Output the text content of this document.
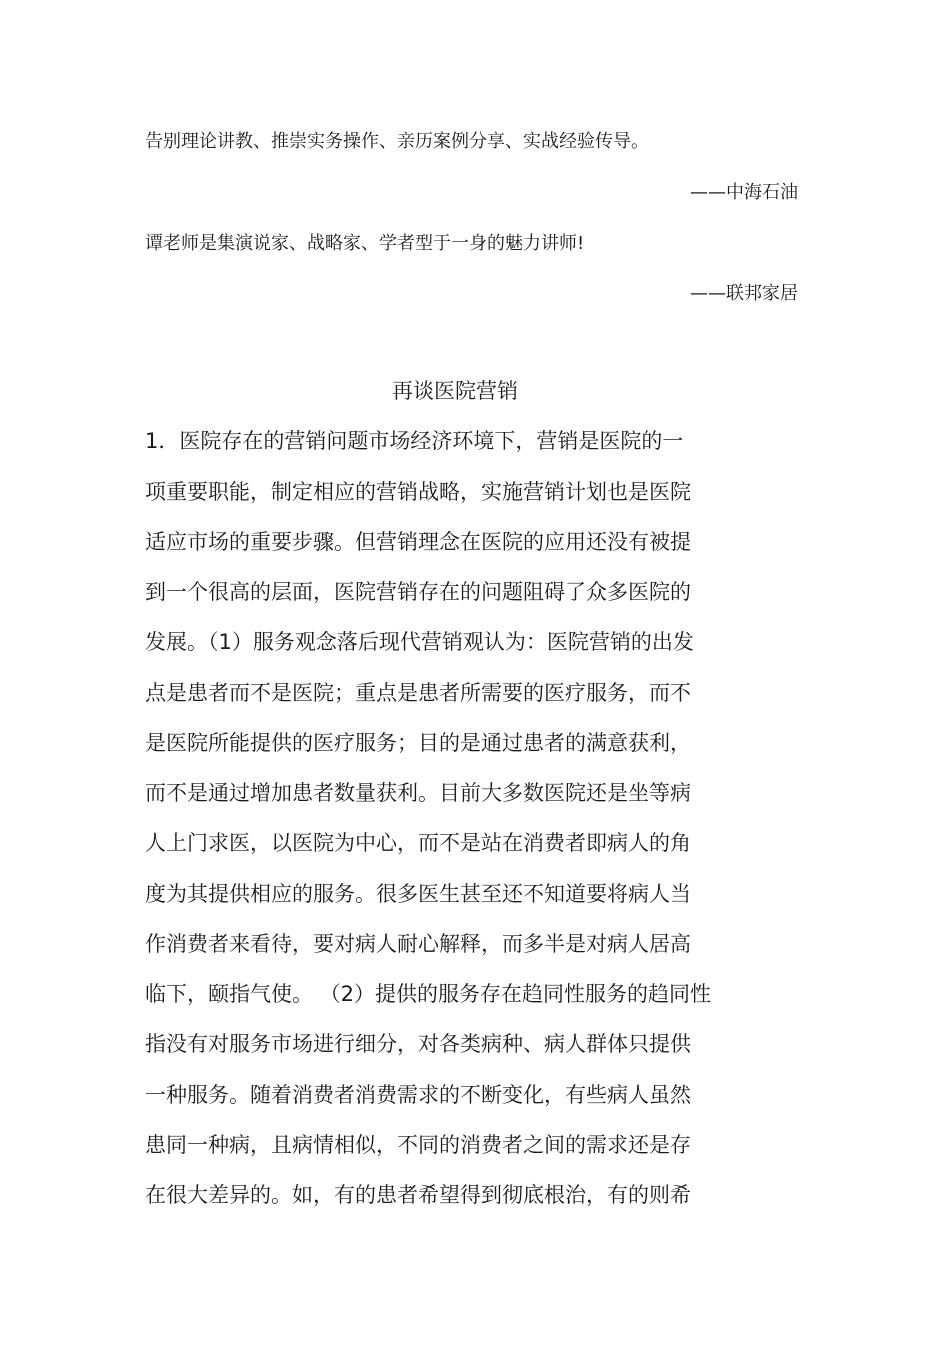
告别理论讲教、推崇实务操作、亲历案例分享、实战经验传导。
——中海石油
谭老师是集演说家、战略家、学者型于一身的魅力讲师!
——联邦家居
再谈医院营销
1．医院存在的营销问题市场经济环境下，营销是医院的一
项重要职能，制定相应的营销战略，实施营销计划也是医院
适应市场的重要步骤。但营销理念在医院的应用还没有被提
到一个很高的层面，医院营销存在的问题阻碍了众多医院的
发展。（1）服务观念落后现代营销观认为：医院营销的出发
点是患者而不是医院；重点是患者所需要的医疗服务，而不
是医院所能提供的医疗服务；目的是通过患者的满意获利，
而不是通过增加患者数量获利。目前大多数医院还是坐等病
人上门求医，以医院为中心，而不是站在消费者即病人的角
度为其提供相应的服务。很多医生甚至还不知道要将病人当
作消费者来看待，要对病人耐心解释，而多半是对病人居高
临下，颐指气使。 （2）提供的服务存在趋同性服务的趋同性
指没有对服务市场进行细分，对各类病种、病人群体只提供
一种服务。随着消费者消费需求的不断变化，有些病人虽然
患同一种病，且病情相似，不同的消费者之间的需求还是存
在很大差异的。如，有的患者希望得到彻底根治，有的则希
